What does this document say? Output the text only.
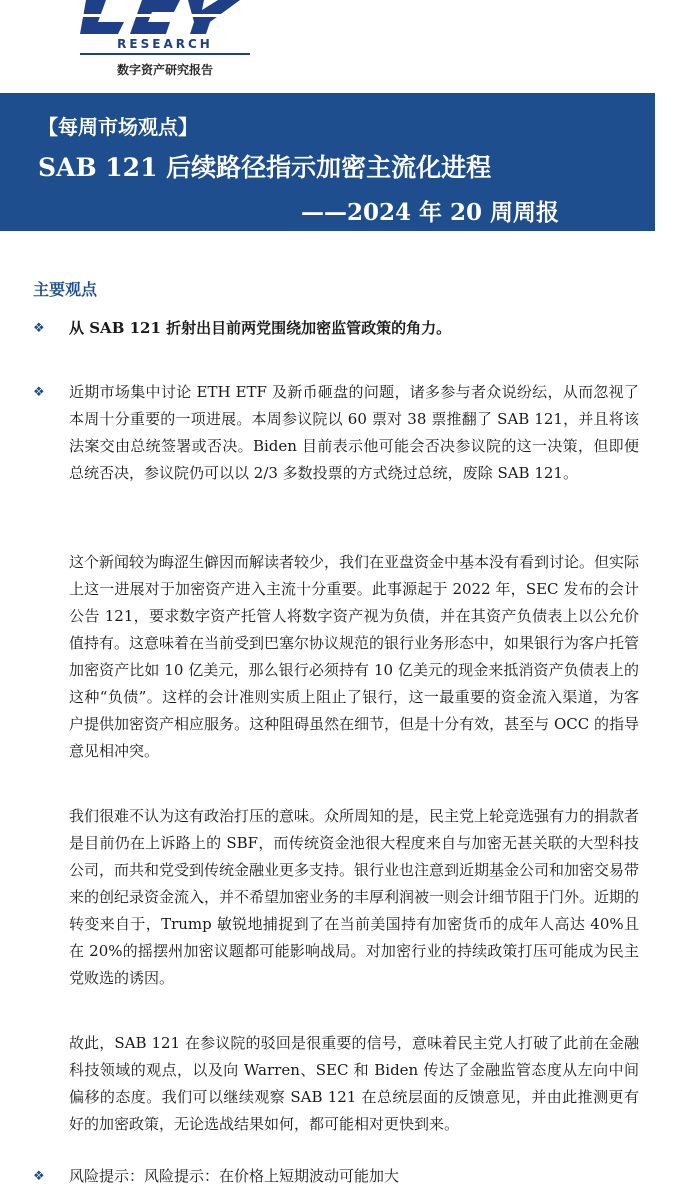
RESEARCH
数字资产研究报告
【每周市场观点】
SAB 121 后续路径指示加密主流化进程
——2024 年 20 周周报
主要观点
❖	从 SAB 121 折射出目前两党围绕加密监管政策的角力。

❖	近期市场集中讨论 ETH ETF 及新币砸盘的问题，诸多参与者众说纷纭，从而忽视了本周十分重要的一项进展。本周参议院以 60 票对 38 票推翻了 SAB 121，并且将该法案交由总统签署或否决。Biden 目前表示他可能会否决参议院的这一决策，但即便总统否决，参议院仍可以以 2/3 多数投票的方式绕过总统，废除 SAB 121。

这个新闻较为晦涩生僻因而解读者较少，我们在亚盘资金中基本没有看到讨论。但实际上这一进展对于加密资产进入主流十分重要。此事源起于 2022 年，SEC 发布的会计公告 121，要求数字资产托管人将数字资产视为负债，并在其资产负债表上以公允价值持有。这意味着在当前受到巴塞尔协议规范的银行业务形态中，如果银行为客户托管加密资产比如 10 亿美元，那么银行必须持有 10 亿美元的现金来抵消资产负债表上的这种“负债”。这样的会计准则实质上阻止了银行，这一最重要的资金流入渠道，为客户提供加密资产相应服务。这种阻碍虽然在细节，但是十分有效，甚至与 OCC 的指导意见相冲突。

我们很难不认为这有政治打压的意味。众所周知的是，民主党上轮竞选强有力的捐款者是目前仍在上诉路上的 SBF，而传统资金池很大程度来自与加密无甚关联的大型科技公司，而共和党受到传统金融业更多支持。银行业也注意到近期基金公司和加密交易带来的创纪录资金流入，并不希望加密业务的丰厚利润被一则会计细节阻于门外。近期的转变来自于，Trump 敏锐地捕捉到了在当前美国持有加密货币的成年人高达 40%且在 20%的摇摆州加密议题都可能影响战局。对加密行业的持续政策打压可能成为民主党败选的诱因。

故此，SAB 121 在参议院的驳回是很重要的信号，意味着民主党人打破了此前在金融科技领域的观点，以及向 Warren、SEC 和 Biden 传达了金融监管态度从左向中间偏移的态度。我们可以继续观察 SAB 121 在总统层面的反馈意见，并由此推测更有好的加密政策，无论选战结果如何，都可能相对更快到来。

❖	风险提示：风险提示：在价格上短期波动可能加大
